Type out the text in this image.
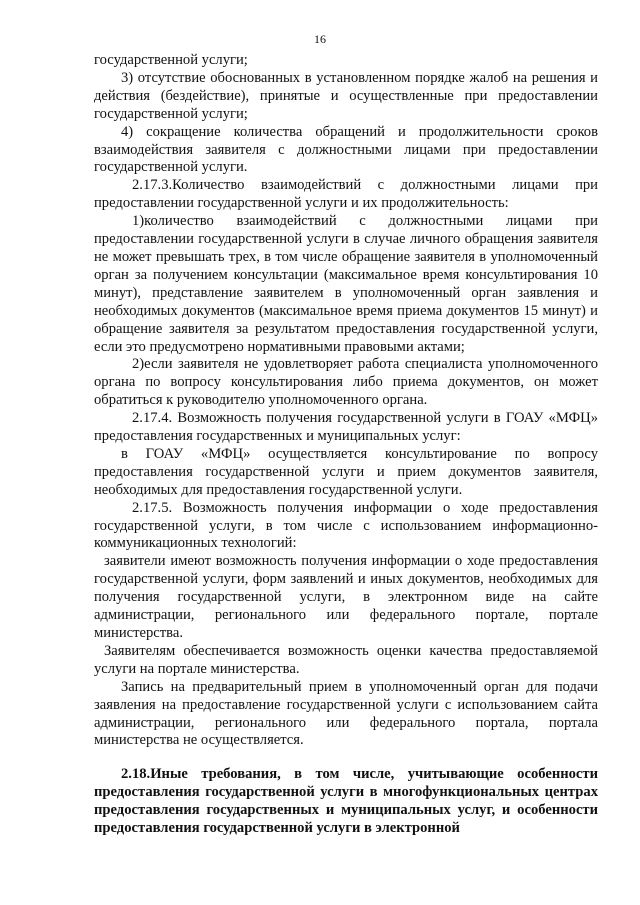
16

государственной услуги;

3) отсутствие обоснованных в установленном порядке жалоб на решения и действия (бездействие), принятые и осуществленные при предоставлении государственной услуги;

4) сокращение количества обращений и продолжительности сроков взаимодействия заявителя с должностными лицами при предоставлении государственной услуги.

2.17.3.Количество взаимодействий с должностными лицами при предоставлении государственной услуги и их продолжительность:

1)количество взаимодействий с должностными лицами при предоставлении государственной услуги в случае личного обращения заявителя не может превышать трех, в том числе обращение заявителя в уполномоченный орган за получением консультации (максимальное время консультирования 10 минут), представление заявителем в уполномоченный орган заявления и необходимых документов (максимальное время приема документов 15 минут) и обращение заявителя за результатом предоставления государственной услуги, если это предусмотрено нормативными правовыми актами;

2)если заявителя не удовлетворяет работа специалиста уполномоченного органа по вопросу консультирования либо приема документов, он может обратиться к руководителю уполномоченного органа.

2.17.4. Возможность получения государственной услуги в ГОАУ «МФЦ» предоставления государственных и муниципальных услуг:

в ГОАУ «МФЦ» осуществляется консультирование по вопросу предоставления государственной услуги и прием документов заявителя, необходимых для предоставления государственной услуги.

2.17.5. Возможность получения информации о ходе предоставления государственной услуги, в том числе с использованием информационно-коммуникационных технологий:

заявители имеют возможность получения информации о ходе предоставления государственной услуги, форм заявлений и иных документов, необходимых для получения государственной услуги, в электронном виде на сайте администрации, регионального или федерального портале, портале министерства.

Заявителям обеспечивается возможность оценки качества предоставляемой услуги на портале министерства.

Запись на предварительный прием в уполномоченный орган для подачи заявления на предоставление государственной услуги с использованием сайта администрации, регионального или федерального портала, портала министерства не осуществляется.

2.18.Иные требования, в том числе, учитывающие особенности предоставления государственной услуги в многофункциональных центрах предоставления государственных и муниципальных услуг, и особенности предоставления государственной услуги в электронной
